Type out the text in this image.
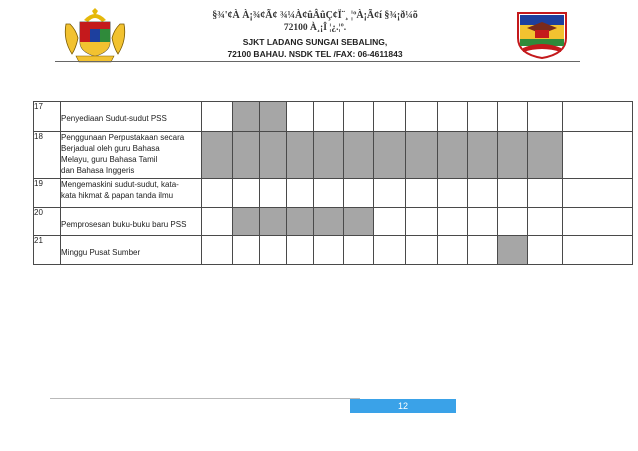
§¾'¢À À¡¾¢Ã¢ ¾¼À¢ûÂûÇ¢Ï¨¸ ¦ºÀ¡Ã¢í §¾¡ð¼õ
72100 À¸¡Î ¦¿.¦º.
SJKT LADANG SUNGAI SEBALING,
72100 BAHAU. NSDK TEL /FAX: 06-4611843
17	Penyediaan Sudut-sudut PSS													

18	Penggunaan Perpustakaan secara
Berjadual oleh guru Bahasa
Melayu, guru Bahasa Tamil
dan Bahasa Inggeris													

19	Mengemaskini sudut-sudut, kata-
kata hikmat & papan tanda ilmu													

20	Pemprosesan buku-buku baru PSS													

21	Minggu Pusat Sumber													

12
